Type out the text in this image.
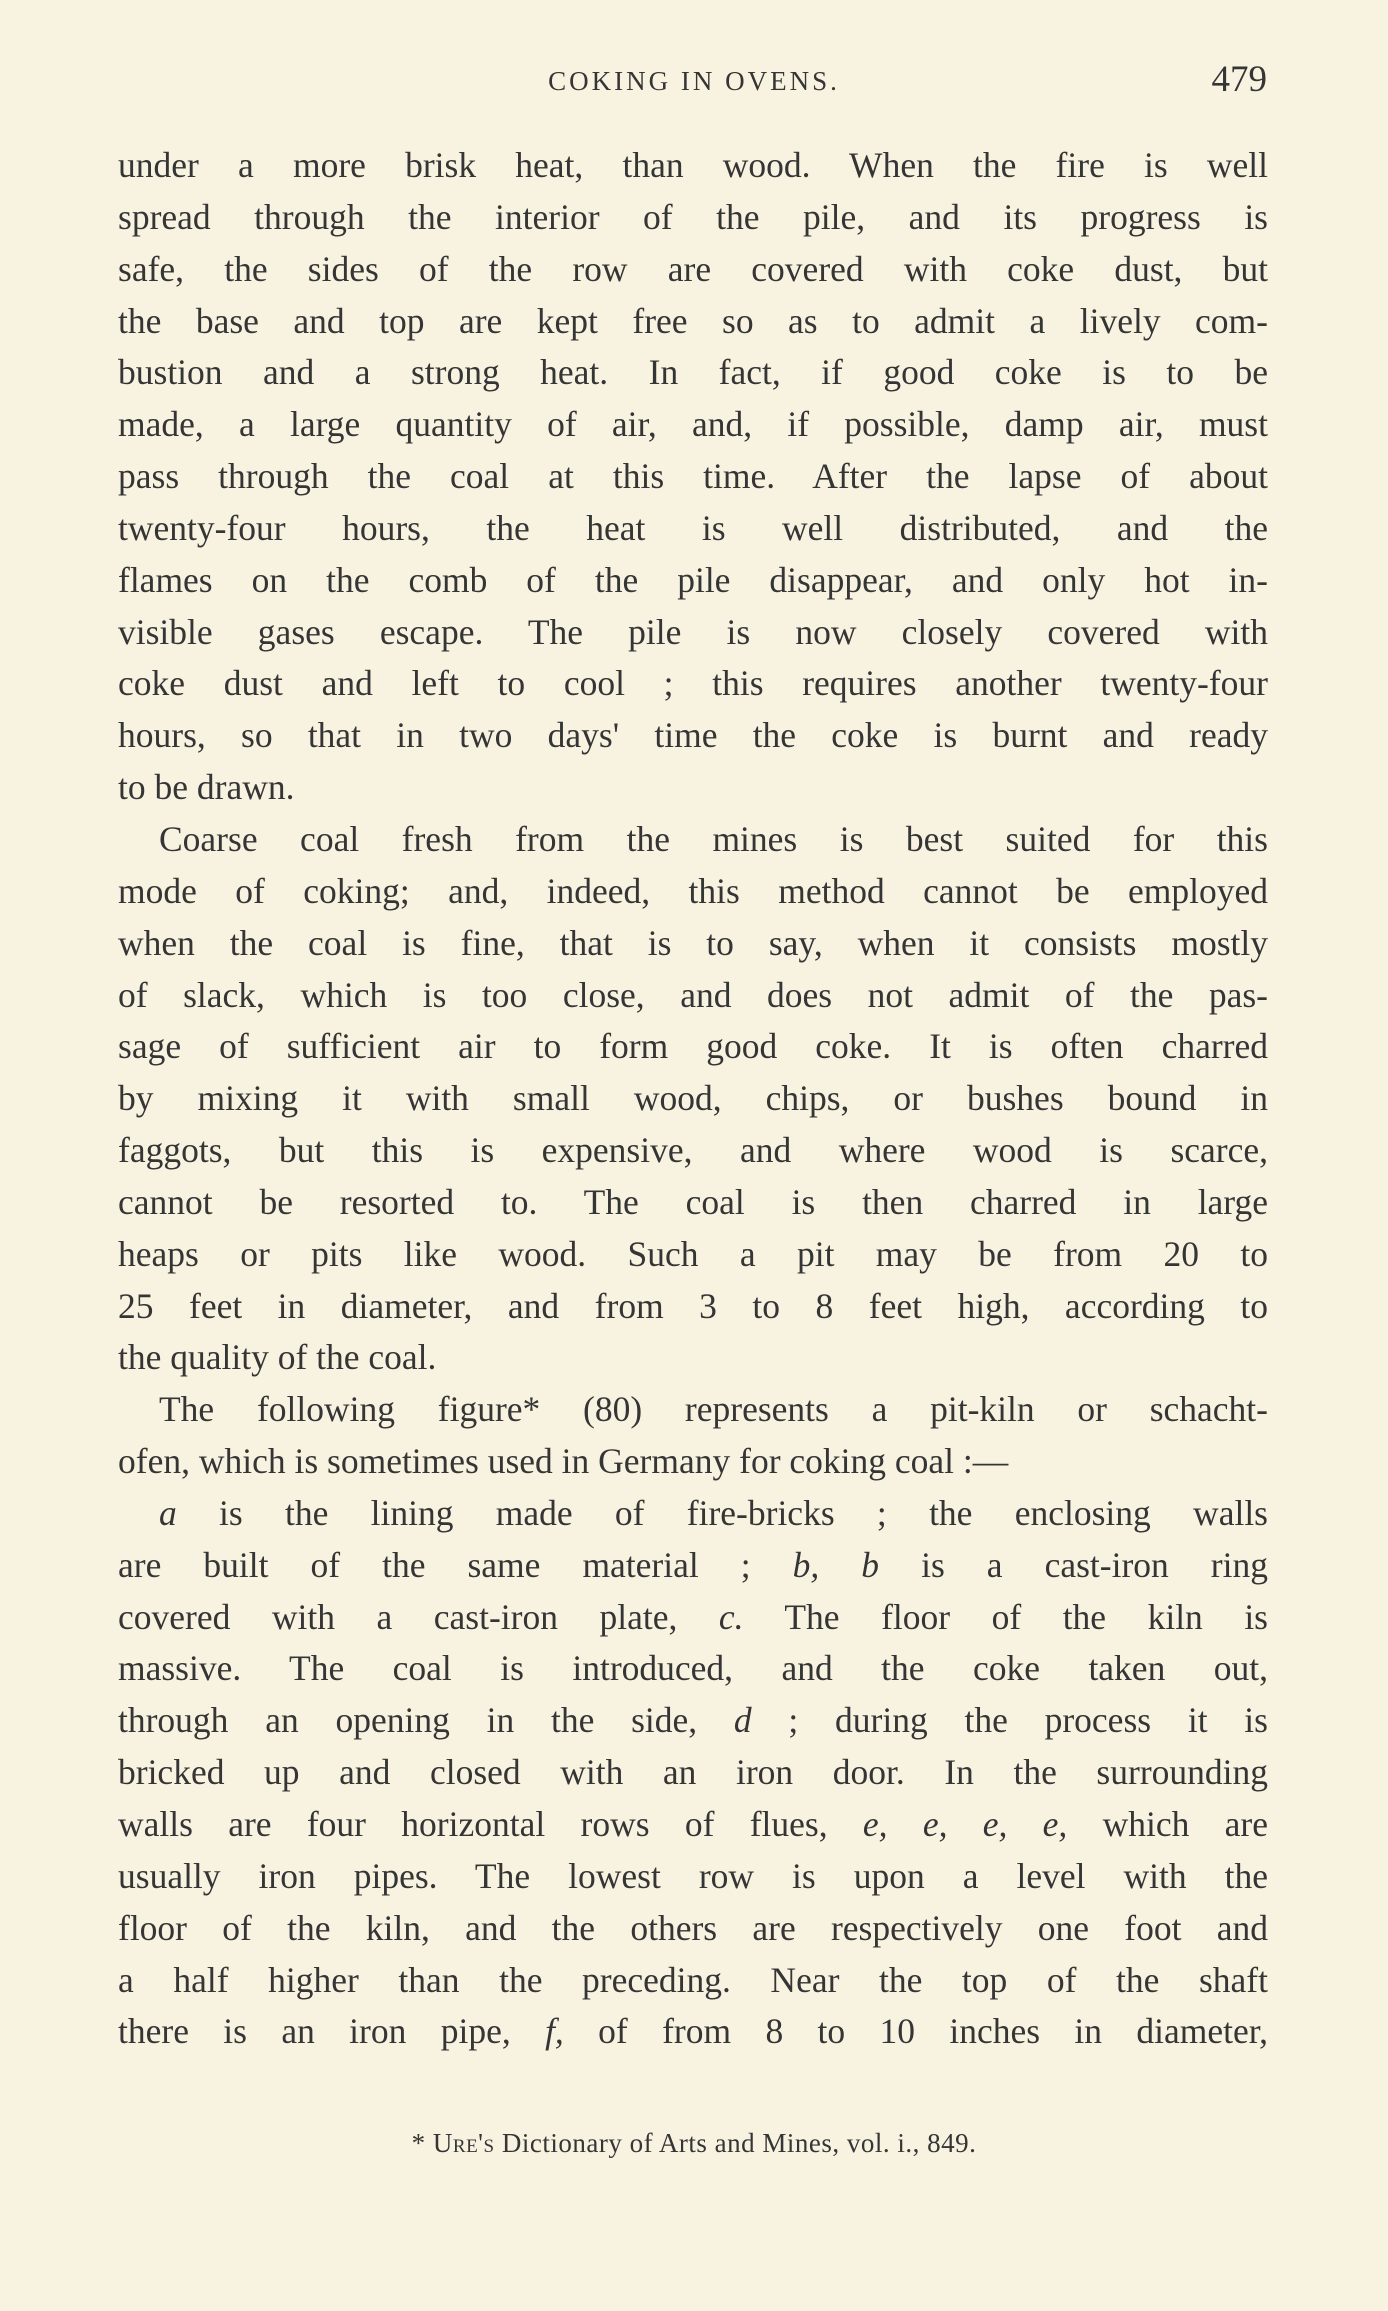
COKING IN OVENS.	479
under a more brisk heat, than wood. When the fire is well
spread through the interior of the pile, and its progress is
safe, the sides of the row are covered with coke dust, but
the base and top are kept free so as to admit a lively com-
bustion and a strong heat. In fact, if good coke is to be
made, a large quantity of air, and, if possible, damp air, must
pass through the coal at this time. After the lapse of about
twenty-four hours, the heat is well distributed, and the
flames on the comb of the pile disappear, and only hot in-
visible gases escape. The pile is now closely covered with
coke dust and left to cool ; this requires another twenty-four
hours, so that in two days' time the coke is burnt and ready
to be drawn.
Coarse coal fresh from the mines is best suited for this
mode of coking; and, indeed, this method cannot be employed
when the coal is fine, that is to say, when it consists mostly
of slack, which is too close, and does not admit of the pas-
sage of sufficient air to form good coke. It is often charred
by mixing it with small wood, chips, or bushes bound in
faggots, but this is expensive, and where wood is scarce,
cannot be resorted to. The coal is then charred in large
heaps or pits like wood. Such a pit may be from 20 to
25 feet in diameter, and from 3 to 8 feet high, according to
the quality of the coal.
The following figure* (80) represents a pit-kiln or schacht-
ofen, which is sometimes used in Germany for coking coal :—
a is the lining made of fire-bricks ; the enclosing walls
are built of the same material ; b, b is a cast-iron ring
covered with a cast-iron plate, c. The floor of the kiln is
massive. The coal is introduced, and the coke taken out,
through an opening in the side, d ; during the process it is
bricked up and closed with an iron door. In the surrounding
walls are four horizontal rows of flues, e, e, e, e, which are
usually iron pipes. The lowest row is upon a level with the
floor of the kiln, and the others are respectively one foot and
a half higher than the preceding. Near the top of the shaft
there is an iron pipe, f, of from 8 to 10 inches in diameter,
* Ure's Dictionary of Arts and Mines, vol. i., 849.
